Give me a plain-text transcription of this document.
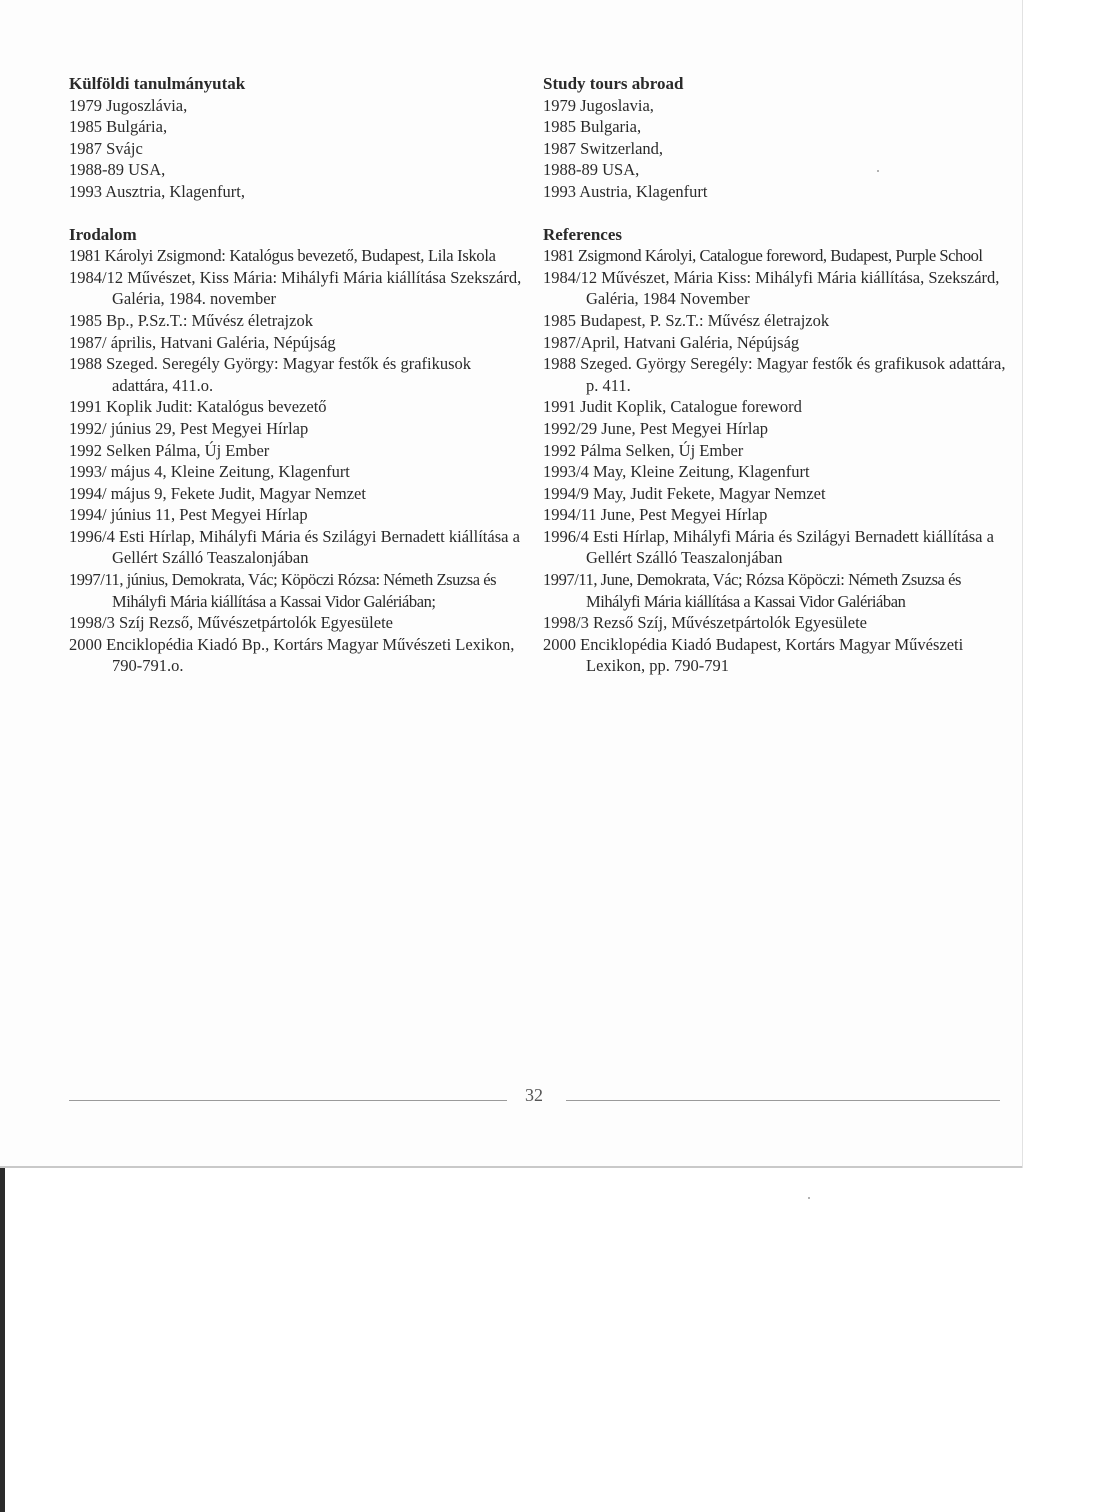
Külföldi tanulmányutak

1979 Jugoszlávia,

1985 Bulgária,

1987 Svájc

1988-89 USA,

1993 Ausztria, Klagenfurt,

Irodalom

1981 Károlyi Zsigmond: Katalógus bevezető, Budapest, Lila Iskola

1984/12 Művészet, Kiss Mária: Mihályfi Mária kiállítása Szekszárd, Galéria, 1984. november

1985 Bp., P.Sz.T.: Művész életrajzok

1987/ április, Hatvani Galéria, Népújság

1988 Szeged. Seregély György: Magyar festők és grafikusok adattára, 411.o.

1991 Koplik Judit: Katalógus bevezető

1992/ június 29, Pest Megyei Hírlap

1992 Selken Pálma, Új Ember

1993/ május 4, Kleine Zeitung, Klagenfurt

1994/ május 9, Fekete Judit, Magyar Nemzet

1994/ június 11, Pest Megyei Hírlap

1996/4 Esti Hírlap, Mihályfi Mária és Szilágyi Bernadett kiállítása a Gellért Szálló Teaszalonjában

1997/11, június, Demokrata, Vác; Köpöczi Rózsa: Németh Zsuzsa és Mihályfi Mária kiállítása a Kassai Vidor Galériában;

1998/3 Szíj Rezső, Művészetpártolók Egyesülete

2000 Enciklopédia Kiadó Bp., Kortárs Magyar Művészeti Lexikon, 790-791.o.

Study tours abroad

1979 Jugoslavia,

1985 Bulgaria,

1987 Switzerland,

1988-89 USA,

1993 Austria, Klagenfurt

References

1981 Zsigmond Károlyi, Catalogue foreword, Budapest, Purple School

1984/12 Művészet, Mária Kiss: Mihályfi Mária kiállítása, Szekszárd, Galéria, 1984 November

1985 Budapest, P. Sz.T.: Művész életrajzok

1987/April, Hatvani Galéria, Népújság

1988 Szeged. György Seregély: Magyar festők és grafikusok adattára, p. 411.

1991 Judit Koplik, Catalogue foreword

1992/29 June, Pest Megyei Hírlap

1992 Pálma Selken, Új Ember

1993/4 May, Kleine Zeitung, Klagenfurt

1994/9 May, Judit Fekete, Magyar Nemzet

1994/11 June, Pest Megyei Hírlap

1996/4 Esti Hírlap, Mihályfi Mária és Szilágyi Bernadett kiállítása a Gellért Szálló Teaszalonjában

1997/11, June, Demokrata, Vác; Rózsa Köpöczi: Németh Zsuzsa és Mihályfi Mária kiállítása a Kassai Vidor Galériában

1998/3 Rezső Szíj, Művészetpártolók Egyesülete

2000 Enciklopédia Kiadó Budapest, Kortárs Magyar Művészeti Lexikon, pp. 790-791

32
